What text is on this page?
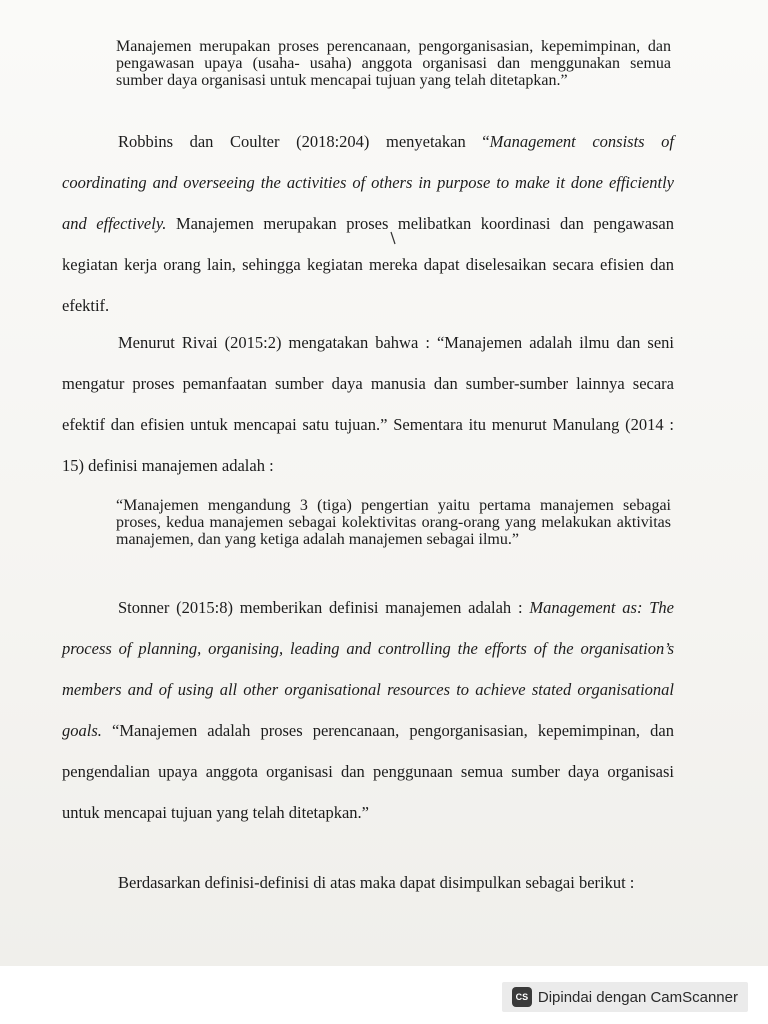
Manajemen merupakan proses perencanaan, pengorganisasian, kepemimpinan, dan pengawasan upaya (usaha- usaha) anggota organisasi dan menggunakan semua sumber daya organisasi untuk mencapai tujuan yang telah ditetapkan.”

Robbins dan Coulter (2018:204) menyetakan “Management consists of coordinating and overseeing the activities of others in purpose to make it done efficiently and effectively. Manajemen merupakan proses melibatkan koordinasi dan pengawasan kegiatan kerja orang lain, sehingga kegiatan mereka dapat diselesaikan secara efisien dan efektif.

Menurut Rivai (2015:2) mengatakan bahwa : “Manajemen adalah ilmu dan seni mengatur proses pemanfaatan sumber daya manusia dan sumber-sumber lainnya secara efektif dan efisien untuk mencapai satu tujuan.” Sementara itu menurut Manulang (2014 : 15) definisi manajemen adalah :

“Manajemen mengandung 3 (tiga) pengertian yaitu pertama manajemen sebagai proses, kedua manajemen sebagai kolektivitas orang-orang yang melakukan aktivitas manajemen, dan yang ketiga adalah manajemen sebagai ilmu.”

Stonner (2015:8) memberikan definisi manajemen adalah : Management as: The process of planning, organising, leading and controlling the efforts of the organisation’s members and of using all other organisational resources to achieve stated organisational goals. “Manajemen adalah proses perencanaan, pengorganisasian, kepemimpinan, dan pengendalian upaya anggota organisasi dan penggunaan semua sumber daya organisasi untuk mencapai tujuan yang telah ditetapkan.”

Berdasarkan definisi-definisi di atas maka dapat disimpulkan sebagai berikut :

CS Dipindai dengan CamScanner
